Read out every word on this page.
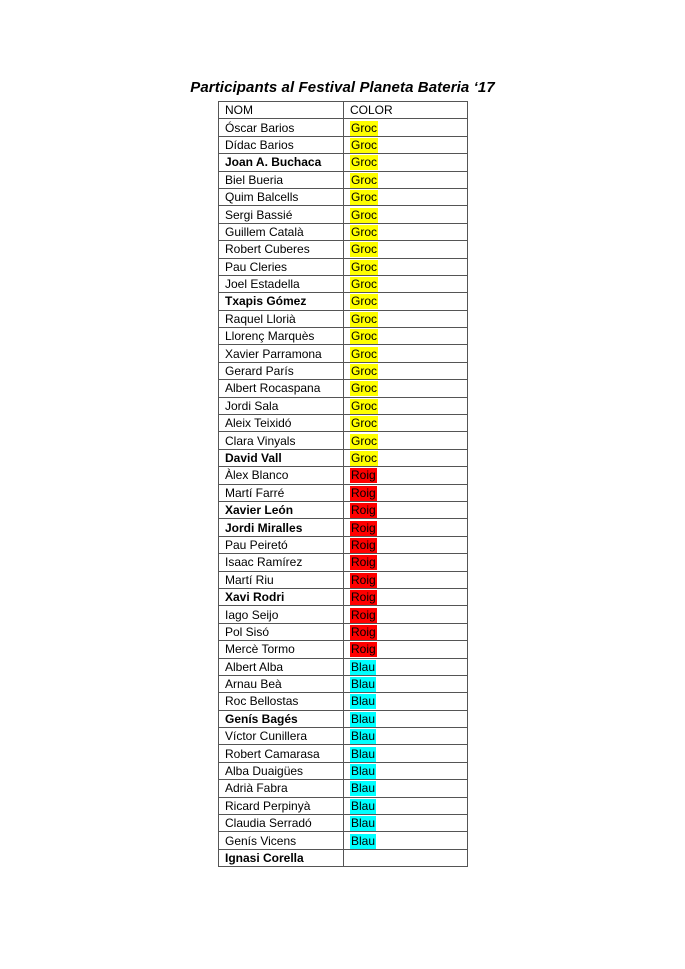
Participants al Festival Planeta Bateria ‘17
NOM	COLOR
Óscar Barios	Groc
Dídac Barios	Groc
Joan A. Buchaca	Groc
Biel Bueria	Groc
Quim Balcells	Groc
Sergi Bassié	Groc
Guillem Català	Groc
Robert Cuberes	Groc
Pau Cleries	Groc
Joel Estadella	Groc
Txapis Gómez	Groc
Raquel Llorià	Groc
Llorenç Marquès	Groc
Xavier Parramona	Groc
Gerard París	Groc
Albert Rocaspana	Groc
Jordi Sala	Groc
Aleix Teixidó	Groc
Clara Vinyals	Groc
David Vall	Groc
Àlex Blanco	Roig
Martí Farré	Roig
Xavier León	Roig
Jordi Miralles	Roig
Pau Peiretó	Roig
Isaac Ramírez	Roig
Martí Riu	Roig
Xavi Rodri	Roig
Iago Seijo	Roig
Pol Sisó	Roig
Mercè Tormo	Roig
Albert Alba	Blau
Arnau Beà	Blau
Roc Bellostas	Blau
Genís Bagés	Blau
Víctor Cunillera	Blau
Robert Camarasa	Blau
Alba Duaigües	Blau
Adrià Fabra	Blau
Ricard Perpinyà	Blau
Claudia Serradó	Blau
Genís Vicens	Blau
Ignasi Corella	
